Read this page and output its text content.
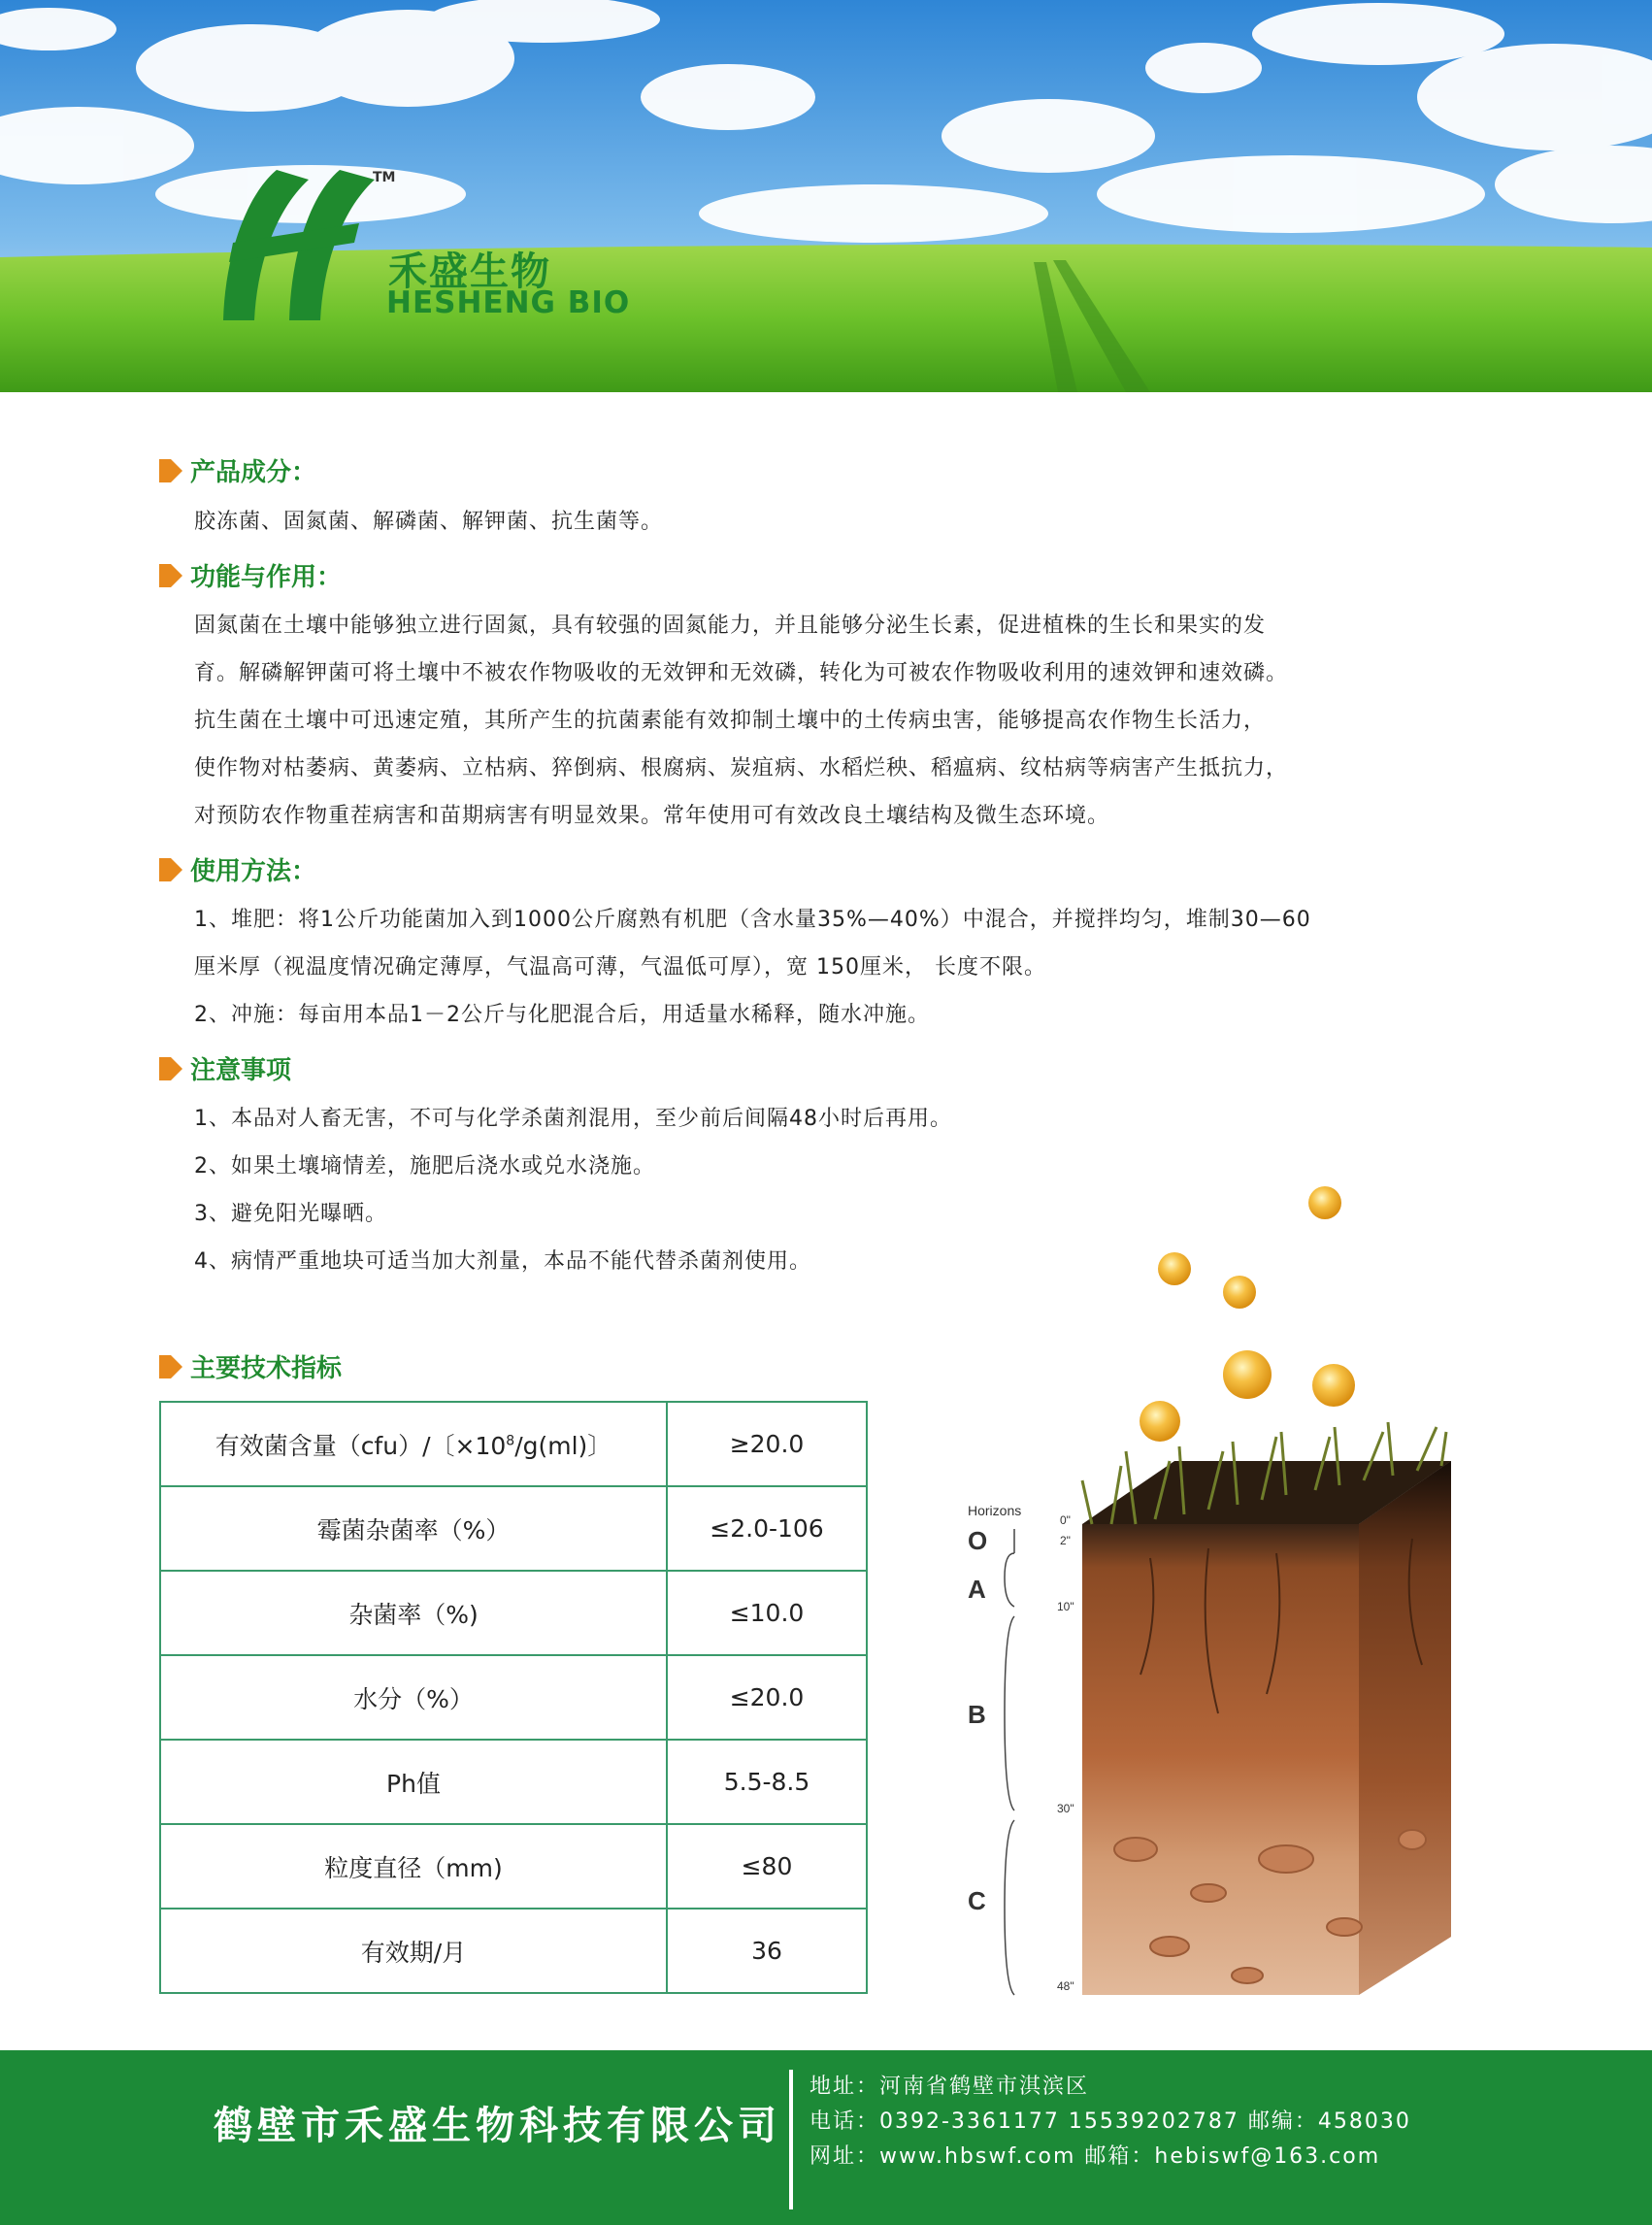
TM
禾盛生物
HESHENG BIO
产品成分：
胶冻菌、固氮菌、解磷菌、解钾菌、抗生菌等。
功能与作用：
固氮菌在土壤中能够独立进行固氮，具有较强的固氮能力，并且能够分泌生长素，促进植株的生长和果实的发
育。解磷解钾菌可将土壤中不被农作物吸收的无效钾和无效磷，转化为可被农作物吸收利用的速效钾和速效磷。
抗生菌在土壤中可迅速定殖，其所产生的抗菌素能有效抑制土壤中的土传病虫害，能够提高农作物生长活力，
使作物对枯萎病、黄萎病、立枯病、猝倒病、根腐病、炭疽病、水稻烂秧、稻瘟病、纹枯病等病害产生抵抗力，
对预防农作物重茬病害和苗期病害有明显效果。常年使用可有效改良土壤结构及微生态环境。
使用方法：
1、堆肥：将1公斤功能菌加入到1000公斤腐熟有机肥（含水量35%—40%）中混合，并搅拌均匀，堆制30—60
厘米厚（视温度情况确定薄厚，气温高可薄，气温低可厚），宽 150厘米， 长度不限。
2、冲施：每亩用本品1－2公斤与化肥混合后，用适量水稀释，随水冲施。
注意事项
1、本品对人畜无害，不可与化学杀菌剂混用，至少前后间隔48小时后再用。
2、如果土壤墒情差，施肥后浇水或兑水浇施。
3、避免阳光曝晒。
4、病情严重地块可适当加大剂量，本品不能代替杀菌剂使用。
主要技术指标
有效菌含量（cfu）/〔$\times 10^8/g(ml)$〕	≥20.0
霉菌杂菌率（%）	≤2.0-106
杂菌率（%)	≤10.0
水分（%）	≤20.0
Ph值	5.5-8.5
粒度直径（mm)	≤80
有效期/月	36
Horizons
O
A
B
C
0"
2"
10"
30"
48"
鹤壁市禾盛生物科技有限公司
地址：河南省鹤壁市淇滨区
电话：0392-3361177 15539202787 邮编：458030
网址：www.hbswf.com 邮箱：hebiswf@163.com
